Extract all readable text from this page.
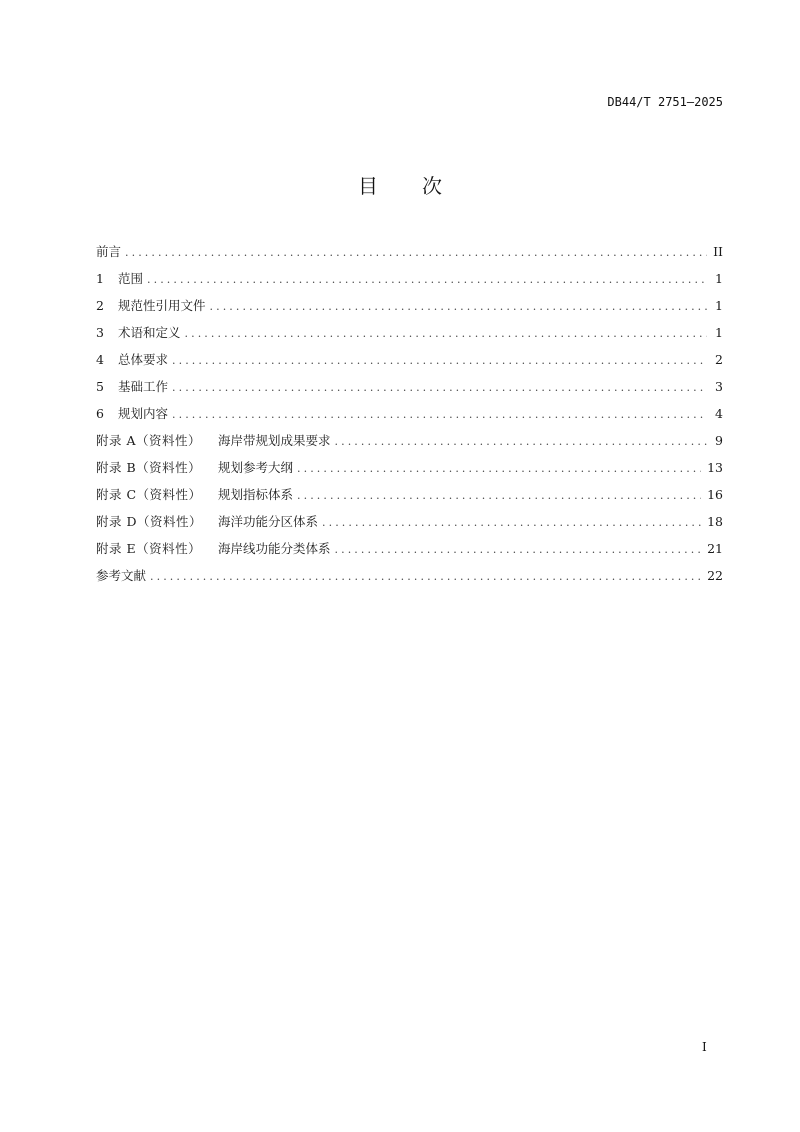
DB44/T 2751—2025
目 次
前言 .....	II
1	范围 .....	1
2	规范性引用文件 .....	1
3	术语和定义 .....	1
4	总体要求 .....	2
5	基础工作 .....	3
6	规划内容 .....	4
附录 A（资料性）	海岸带规划成果要求 .....	9
附录 B（资料性）	规划参考大纲 .....	13
附录 C（资料性）	规划指标体系 .....	16
附录 D（资料性）	海洋功能分区体系 .....	18
附录 E（资料性）	海岸线功能分类体系 .....	21
参考文献 .....	22
I
